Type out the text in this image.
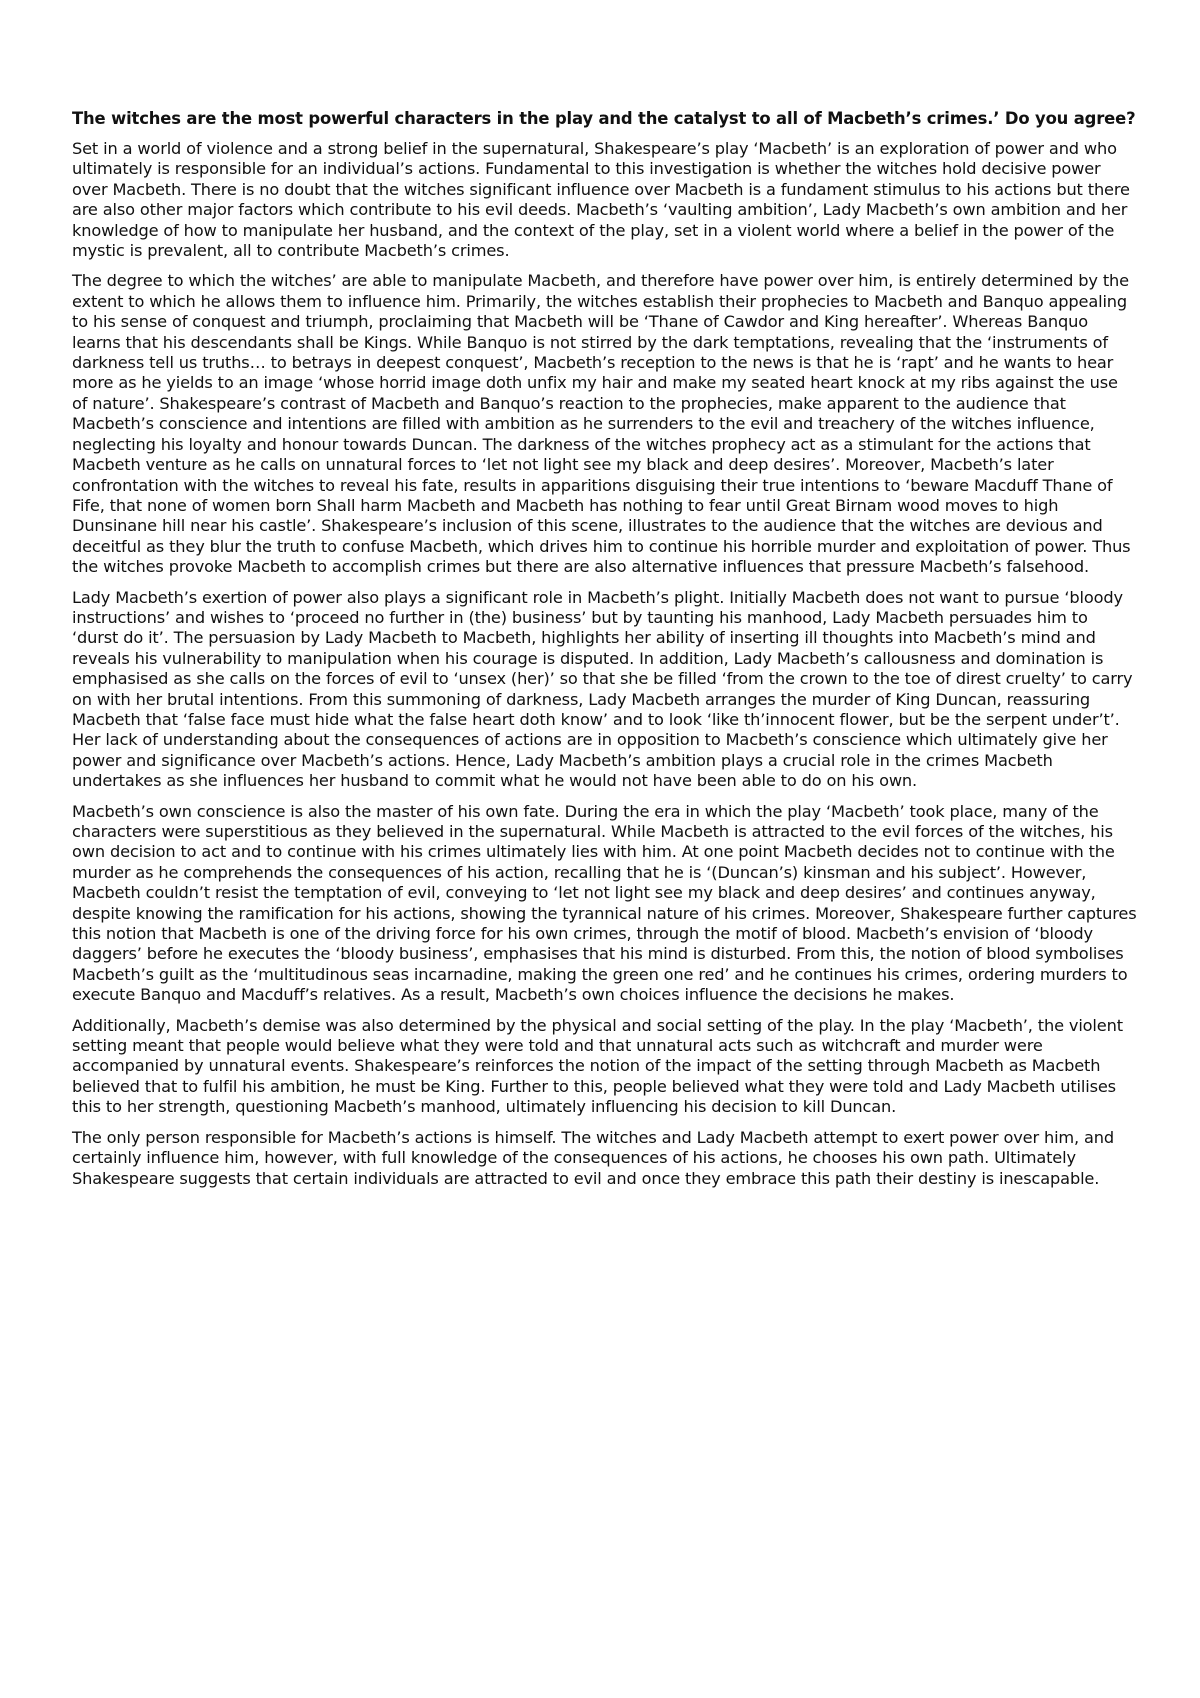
The witches are the most powerful characters in the play and the catalyst to all of Macbeth’s crimes.’ Do you agree?

Set in a world of violence and a strong belief in the supernatural, Shakespeare’s play ‘Macbeth’ is an exploration of power and who ultimately is responsible for an individual’s actions. Fundamental to this investigation is whether the witches hold decisive power over Macbeth. There is no doubt that the witches significant influence over Macbeth is a fundament stimulus to his actions but there are also other major factors which contribute to his evil deeds. Macbeth’s ‘vaulting ambition’, Lady Macbeth’s own ambition and her knowledge of how to manipulate her husband, and the context of the play, set in a violent world where a belief in the power of the mystic is prevalent, all to contribute Macbeth’s crimes.

The degree to which the witches’ are able to manipulate Macbeth, and therefore have power over him, is entirely determined by the extent to which he allows them to influence him. Primarily, the witches establish their prophecies to Macbeth and Banquo appealing to his sense of conquest and triumph, proclaiming that Macbeth will be ‘Thane of Cawdor and King hereafter’. Whereas Banquo learns that his descendants shall be Kings. While Banquo is not stirred by the dark temptations, revealing that the ‘instruments of darkness tell us truths… to betrays in deepest conquest’, Macbeth’s reception to the news is that he is ‘rapt’ and he wants to hear more as he yields to an image ‘whose horrid image doth unfix my hair and make my seated heart knock at my ribs against the use of nature’. Shakespeare’s contrast of Macbeth and Banquo’s reaction to the prophecies, make apparent to the audience that Macbeth’s conscience and intentions are filled with ambition as he surrenders to the evil and treachery of the witches influence, neglecting his loyalty and honour towards Duncan. The darkness of the witches prophecy act as a stimulant for the actions that Macbeth venture as he calls on unnatural forces to ‘let not light see my black and deep desires’. Moreover, Macbeth’s later confrontation with the witches to reveal his fate, results in apparitions disguising their true intentions to ‘beware Macduff Thane of Fife, that none of women born Shall harm Macbeth and Macbeth has nothing to fear until Great Birnam wood moves to high Dunsinane hill near his castle’. Shakespeare’s inclusion of this scene, illustrates to the audience that the witches are devious and deceitful as they blur the truth to confuse Macbeth, which drives him to continue his horrible murder and exploitation of power. Thus the witches provoke Macbeth to accomplish crimes but there are also alternative influences that pressure Macbeth’s falsehood.

Lady Macbeth’s exertion of power also plays a significant role in Macbeth’s plight. Initially Macbeth does not want to pursue ‘bloody instructions’ and wishes to ‘proceed no further in (the) business’ but by taunting his manhood, Lady Macbeth persuades him to ‘durst do it’. The persuasion by Lady Macbeth to Macbeth, highlights her ability of inserting ill thoughts into Macbeth’s mind and reveals his vulnerability to manipulation when his courage is disputed. In addition, Lady Macbeth’s callousness and domination is emphasised as she calls on the forces of evil to ‘unsex (her)’ so that she be filled ‘from the crown to the toe of direst cruelty’ to carry on with her brutal intentions. From this summoning of darkness, Lady Macbeth arranges the murder of King Duncan, reassuring Macbeth that ‘false face must hide what the false heart doth know’ and to look ‘like th’innocent flower, but be the serpent under’t’. Her lack of understanding about the consequences of actions are in opposition to Macbeth’s conscience which ultimately give her power and significance over Macbeth’s actions. Hence, Lady Macbeth’s ambition plays a crucial role in the crimes Macbeth undertakes as she influences her husband to commit what he would not have been able to do on his own.

Macbeth’s own conscience is also the master of his own fate. During the era in which the play ‘Macbeth’ took place, many of the characters were superstitious as they believed in the supernatural. While Macbeth is attracted to the evil forces of the witches, his own decision to act and to continue with his crimes ultimately lies with him. At one point Macbeth decides not to continue with the murder as he comprehends the consequences of his action, recalling that he is ‘(Duncan’s) kinsman and his subject’. However, Macbeth couldn’t resist the temptation of evil, conveying to ‘let not light see my black and deep desires’ and continues anyway, despite knowing the ramification for his actions, showing the tyrannical nature of his crimes. Moreover, Shakespeare further captures this notion that Macbeth is one of the driving force for his own crimes, through the motif of blood. Macbeth’s envision of ‘bloody daggers’ before he executes the ‘bloody business’, emphasises that his mind is disturbed. From this, the notion of blood symbolises Macbeth’s guilt as the ‘multitudinous seas incarnadine, making the green one red’ and he continues his crimes, ordering murders to execute Banquo and Macduff’s relatives. As a result, Macbeth’s own choices influence the decisions he makes.

Additionally, Macbeth’s demise was also determined by the physical and social setting of the play. In the play ‘Macbeth’, the violent setting meant that people would believe what they were told and that unnatural acts such as witchcraft and murder were accompanied by unnatural events. Shakespeare’s reinforces the notion of the impact of the setting through Macbeth as Macbeth believed that to fulfil his ambition, he must be King. Further to this, people believed what they were told and Lady Macbeth utilises this to her strength, questioning Macbeth’s manhood, ultimately influencing his decision to kill Duncan.

The only person responsible for Macbeth’s actions is himself. The witches and Lady Macbeth attempt to exert power over him, and certainly influence him, however, with full knowledge of the consequences of his actions, he chooses his own path. Ultimately Shakespeare suggests that certain individuals are attracted to evil and once they embrace this path their destiny is inescapable.
